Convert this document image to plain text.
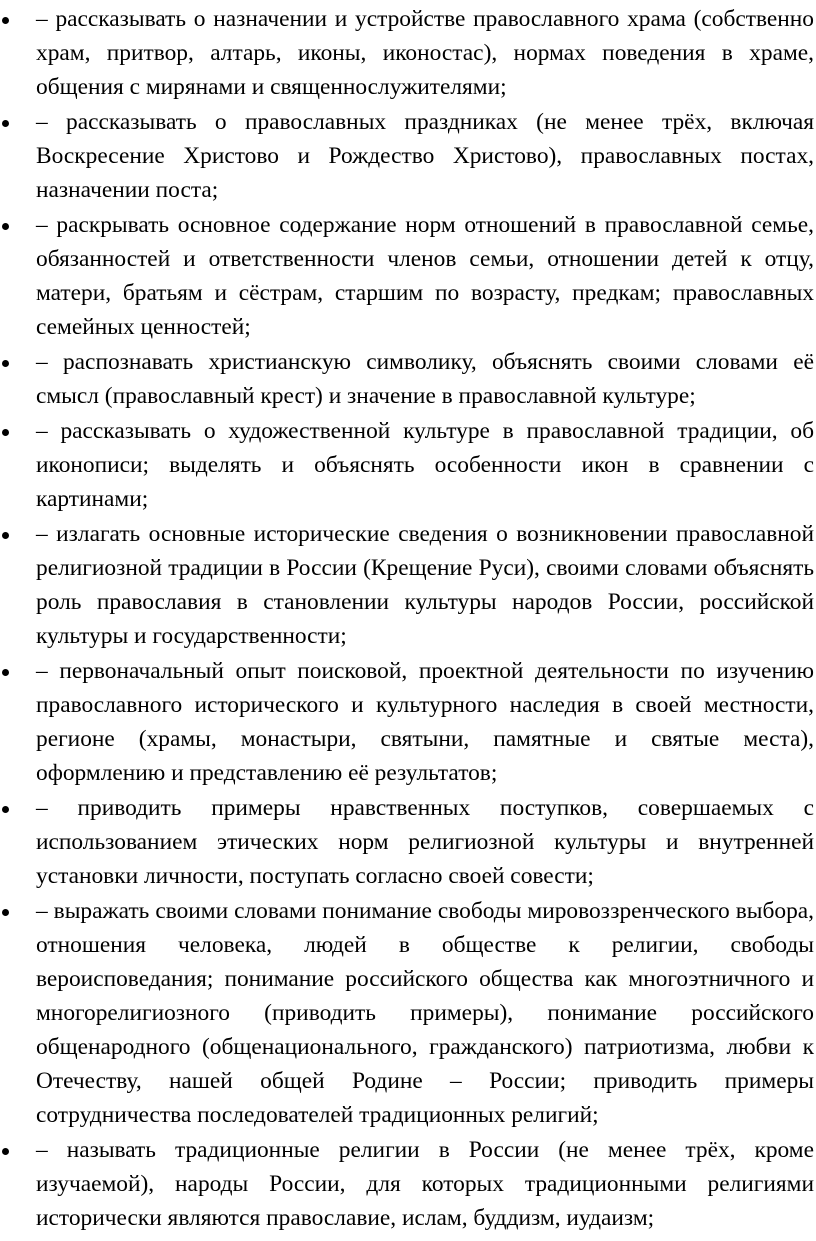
– рассказывать о назначении и устройстве православного храма (собственно храм, притвор, алтарь, иконы, иконостас), нормах поведения в храме, общения с мирянами и священнослужителями;
– рассказывать о православных праздниках (не менее трёх, включая Воскресение Христово и Рождество Христово), православных постах, назначении поста;
– раскрывать основное содержание норм отношений в православной семье, обязанностей и ответственности членов семьи, отношении детей к отцу, матери, братьям и сёстрам, старшим по возрасту, предкам; православных семейных ценностей;
– распознавать христианскую символику, объяснять своими словами её смысл (православный крест) и значение в православной культуре;
– рассказывать о художественной культуре в православной традиции, об иконописи; выделять и объяснять особенности икон в сравнении с картинами;
– излагать основные исторические сведения о возникновении православной религиозной традиции в России (Крещение Руси), своими словами объяснять роль православия в становлении культуры народов России, российской культуры и государственности;
– первоначальный опыт поисковой, проектной деятельности по изучению православного исторического и культурного наследия в своей местности, регионе (храмы, монастыри, святыни, памятные и святые места), оформлению и представлению её результатов;
– приводить примеры нравственных поступков, совершаемых с использованием этических норм религиозной культуры и внутренней установки личности, поступать согласно своей совести;
– выражать своими словами понимание свободы мировоззренческого выбора, отношения человека, людей в обществе к религии, свободы вероисповедания; понимание российского общества как многоэтничного и многорелигиозного (приводить примеры), понимание российского общенародного (общенационального, гражданского) патриотизма, любви к Отечеству, нашей общей Родине – России; приводить примеры сотрудничества последователей традиционных религий;
– называть традиционные религии в России (не менее трёх, кроме изучаемой), народы России, для которых традиционными религиями исторически являются православие, ислам, буддизм, иудаизм;
